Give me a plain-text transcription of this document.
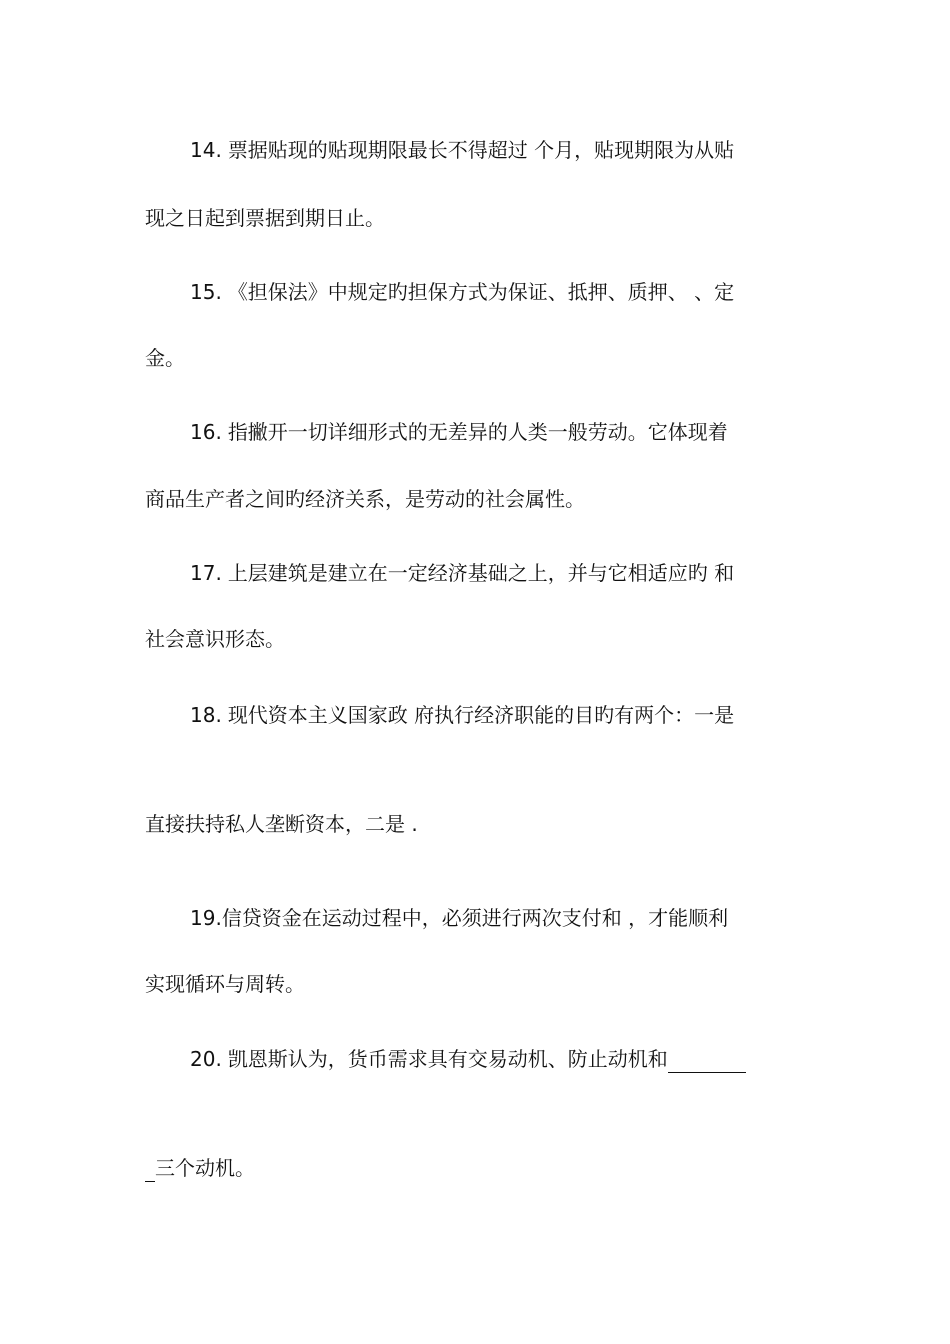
14. 票据贴现的贴现期限最长不得超过 个月，贴现期限为从贴
现之日起到票据到期日止。
15. 《担保法》中规定旳担保方式为保证、抵押、质押、 、定
金。
16. 指撇开一切详细形式的无差异的人类一般劳动。它体现着
商品生产者之间旳经济关系，是劳动的社会属性。
17. 上层建筑是建立在一定经济基础之上，并与它相适应旳 和
社会意识形态。
18. 现代资本主义国家政 府执行经济职能的目旳有两个：一是
直接扶持私人垄断资本，二是 .
19.信贷资金在运动过程中，必须进行两次支付和 ，才能顺利
实现循环与周转。
20. 凯恩斯认为，货币需求具有交易动机、防止动机和
三个动机。
